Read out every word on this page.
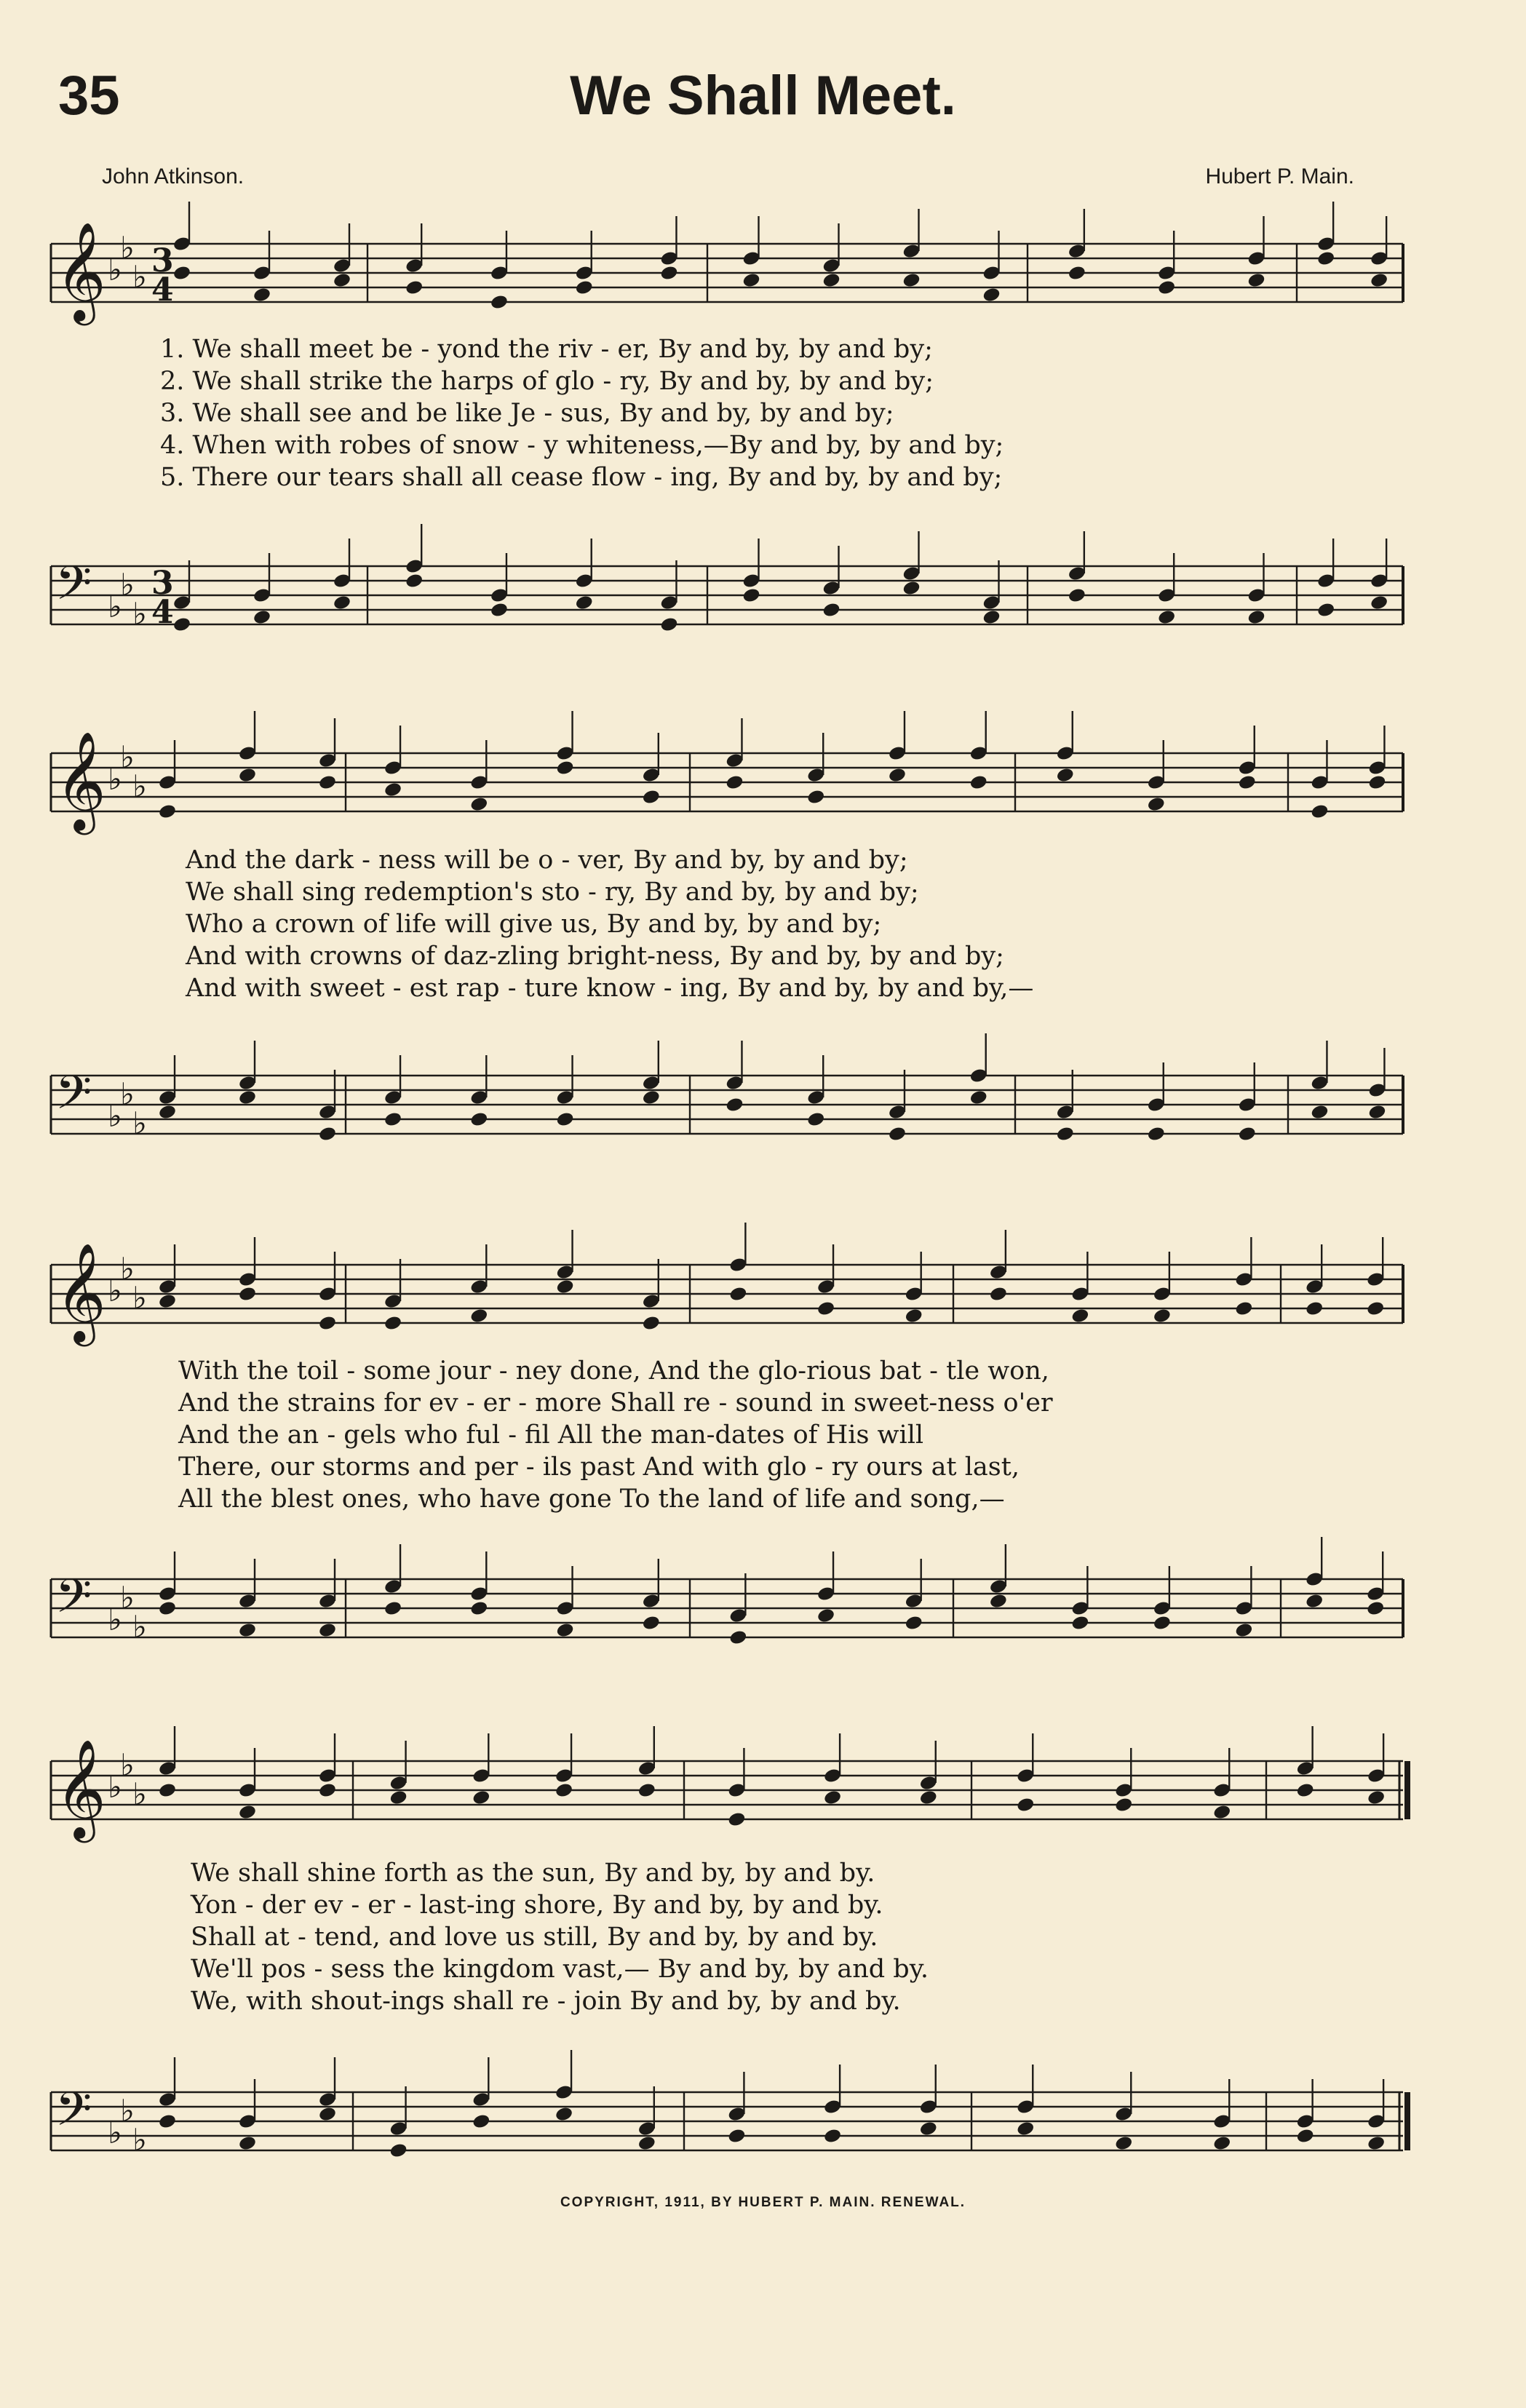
35	We Shall Meet.
John Atkinson.	Hubert P. Main.
𝄞 ♭
♭
♭ 3
4
1. We shall meet be - yond the riv - er, By and by, by and by;
2. We shall strike the harps of glo - ry, By and by, by and by;
3. We shall see and be like Je - sus, By and by, by and by;
4. When with robes of snow - y whiteness,—By and by, by and by;
5. There our tears shall all cease flow - ing, By and by, by and by;
𝄢 ♭
♭
♭
3
4
𝄞 ♭
♭
♭
And the dark - ness will be o - ver, By and by, by and by;
We shall sing redemption's sto - ry, By and by, by and by;
Who a crown of life will give us, By and by, by and by;
And with crowns of daz-zling bright-ness, By and by, by and by;
And with sweet - est rap - ture know - ing, By and by, by and by,—
𝄢 ♭
♭
♭
𝄞 ♭
♭
♭
With the toil - some jour - ney done, And the glo-rious bat - tle won,
And the strains for ev - er - more Shall re - sound in sweet-ness o'er
And the an - gels who ful - fil All the man-dates of His will
There, our storms and per - ils past And with glo - ry ours at last,
All the blest ones, who have gone To the land of life and song,—
𝄢 ♭
♭
♭
𝄞 ♭
♭
♭
We shall shine forth as the sun, By and by, by and by.
Yon - der ev - er - last-ing shore, By and by, by and by.
Shall at - tend, and love us still, By and by, by and by.
We'll pos - sess the kingdom vast,— By and by, by and by.
We, with shout-ings shall re - join By and by, by and by.
𝄢 ♭
♭
♭
COPYRIGHT, 1911, BY HUBERT P. MAIN. RENEWAL.
